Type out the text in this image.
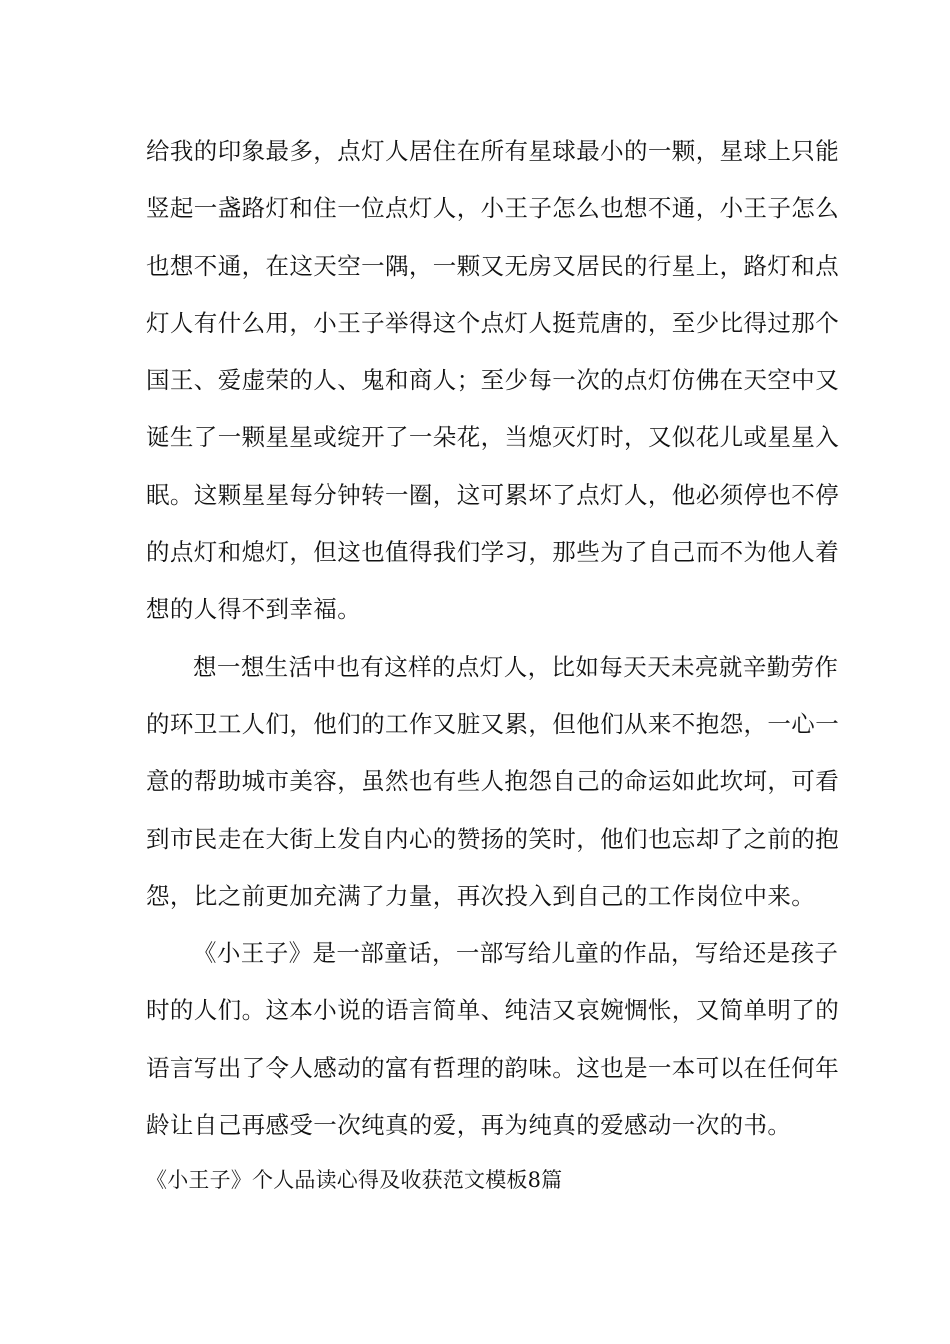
给我的印象最多，点灯人居住在所有星球最小的一颗，星球上只能
竖起一盏路灯和住一位点灯人，小王子怎么也想不通，小王子怎么
也想不通，在这天空一隅，一颗又无房又居民的行星上，路灯和点
灯人有什么用，小王子举得这个点灯人挺荒唐的，至少比得过那个
国王、爱虚荣的人、鬼和商人；至少每一次的点灯仿佛在天空中又
诞生了一颗星星或绽开了一朵花，当熄灭灯时，又似花儿或星星入
眠。这颗星星每分钟转一圈，这可累坏了点灯人，他必须停也不停
的点灯和熄灯，但这也值得我们学习，那些为了自己而不为他人着
想的人得不到幸福。
想一想生活中也有这样的点灯人，比如每天天未亮就辛勤劳作
的环卫工人们，他们的工作又脏又累，但他们从来不抱怨，一心一
意的帮助城市美容，虽然也有些人抱怨自己的命运如此坎坷，可看
到市民走在大街上发自内心的赞扬的笑时，他们也忘却了之前的抱
怨，比之前更加充满了力量，再次投入到自己的工作岗位中来。
《小王子》是一部童话，一部写给儿童的作品，写给还是孩子
时的人们。这本小说的语言简单、纯洁又哀婉惆怅，又简单明了的
语言写出了令人感动的富有哲理的韵味。这也是一本可以在任何年
龄让自己再感受一次纯真的爱，再为纯真的爱感动一次的书。
《小王子》个人品读心得及收获范文模板8篇
